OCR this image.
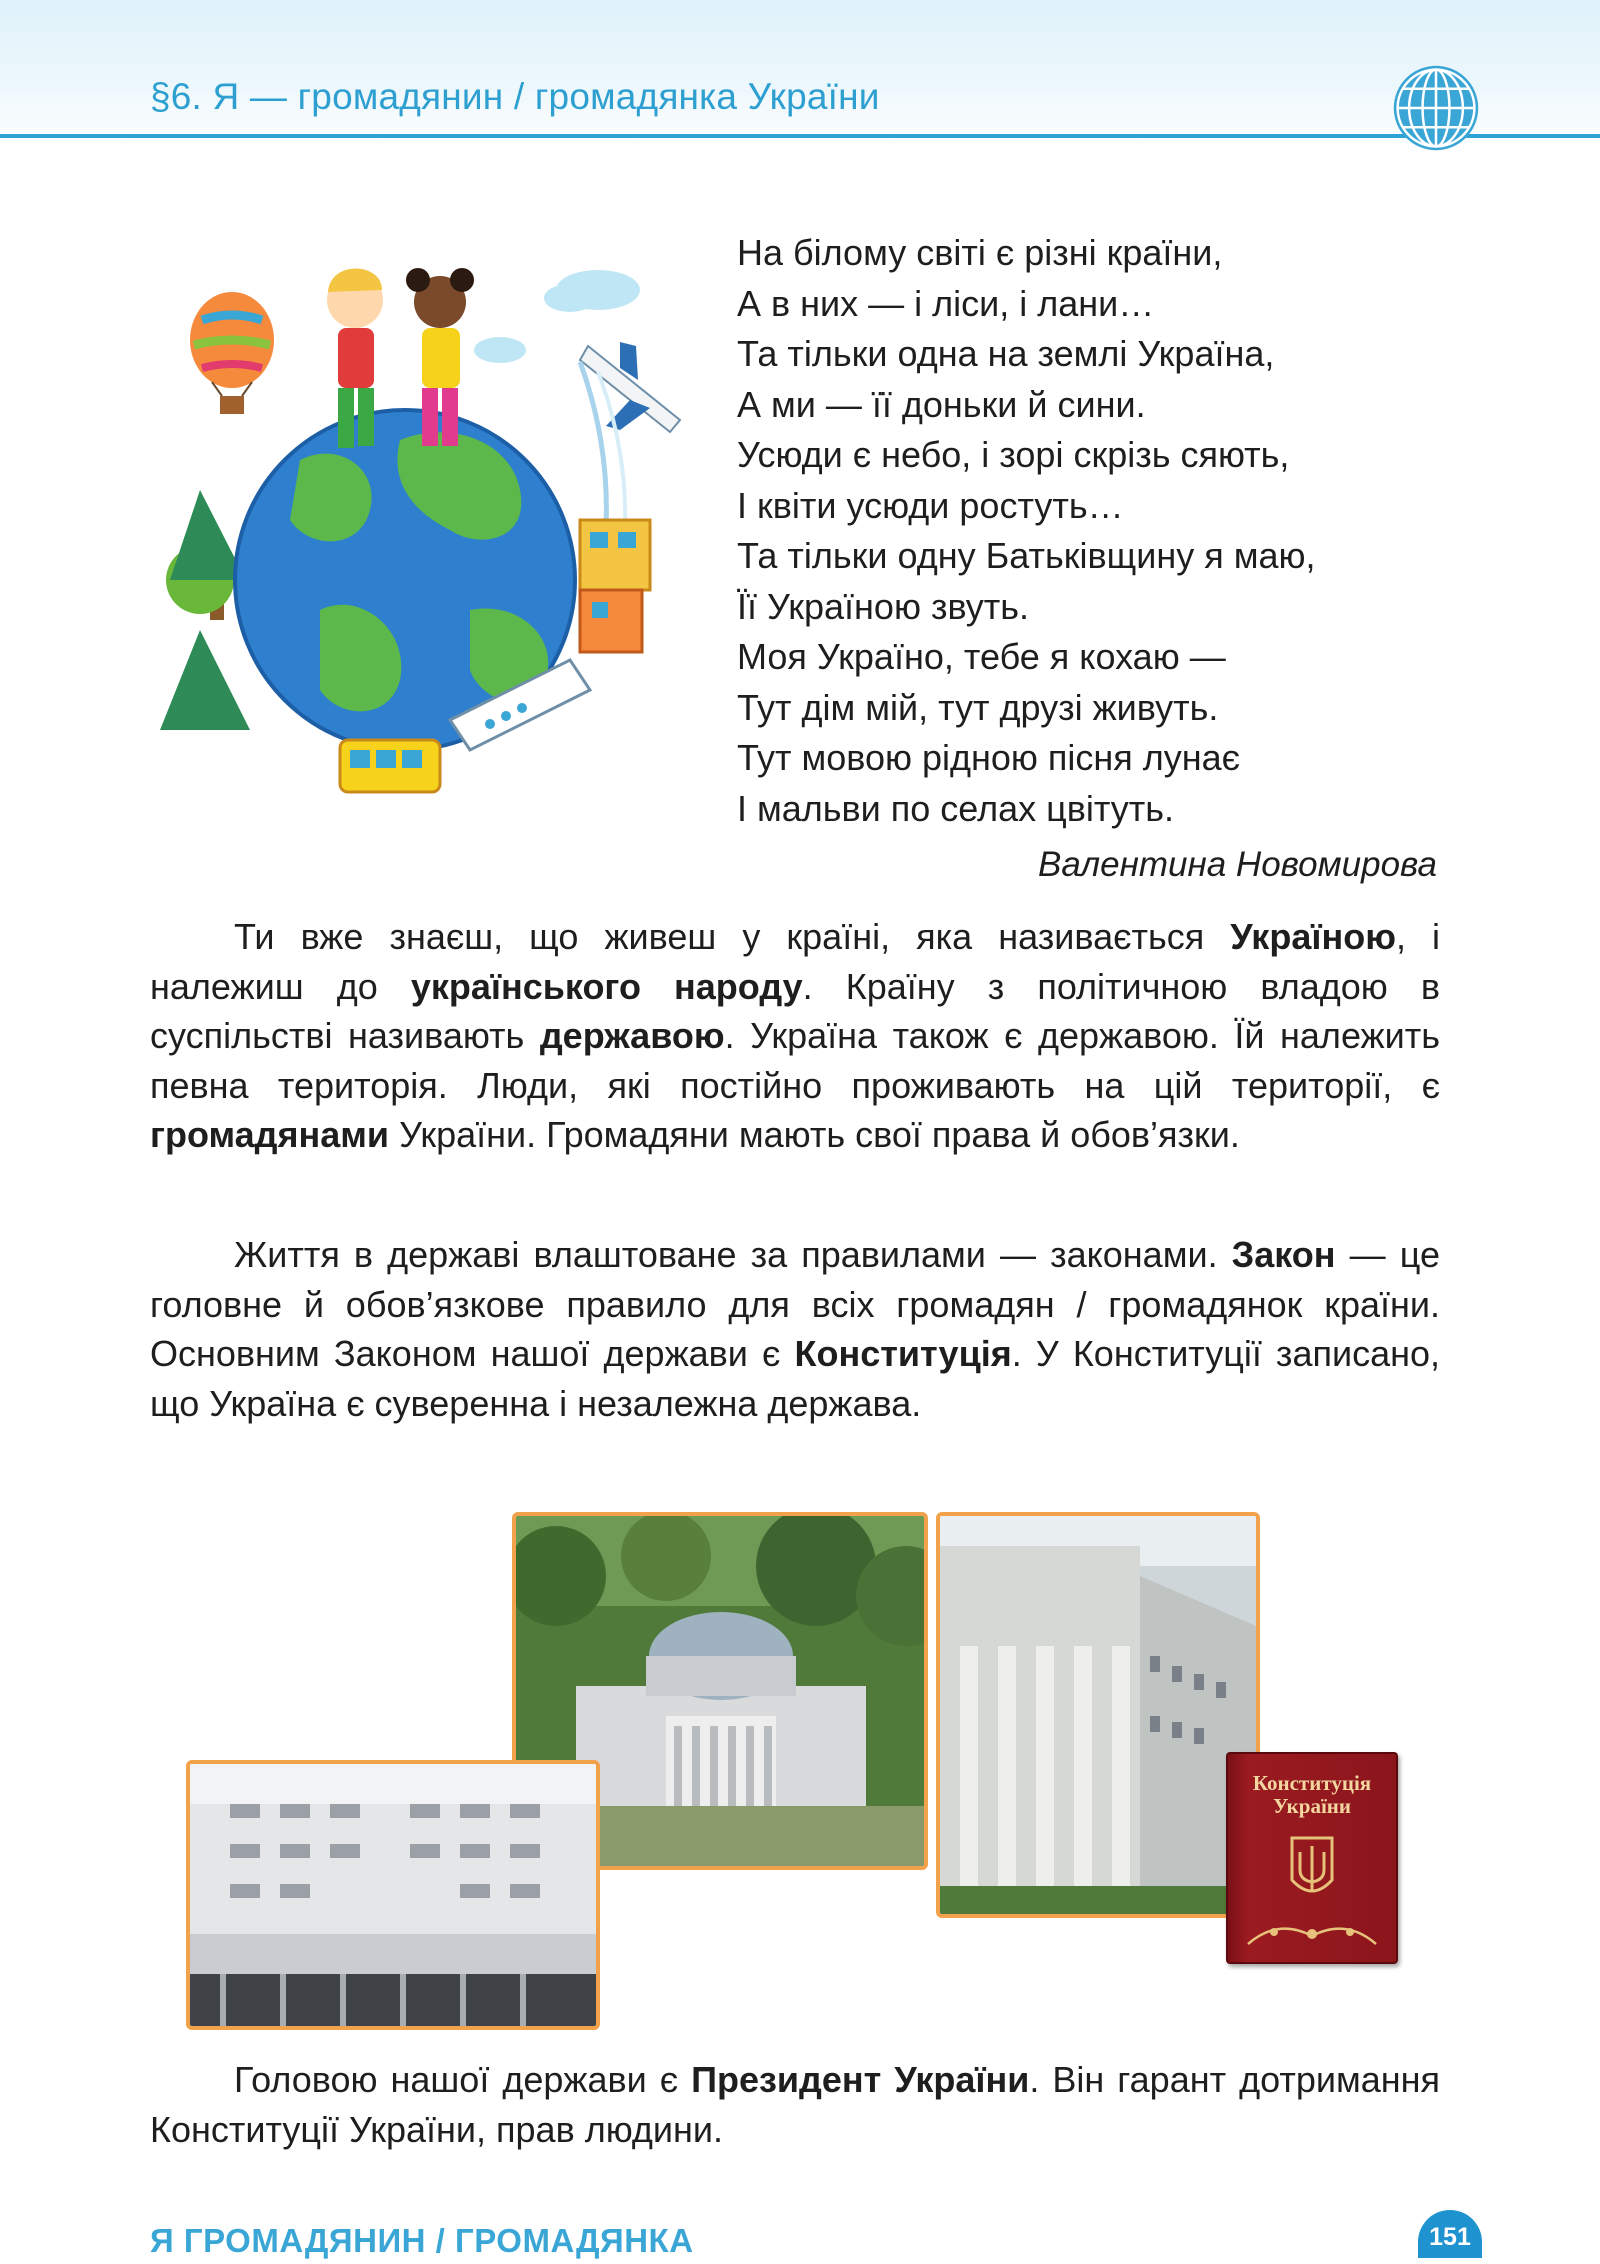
§6. Я — громадянин / громадянка України
На білому світі є різні країни,
А в них — і ліси, і лани…
Та тільки одна на землі Україна,
А ми — її доньки й сини.
Усюди є небо, і зорі скрізь сяють,
І квіти усюди ростуть…
Та тільки одну Батьківщину я маю,
Її Україною звуть.
Моя Україно, тебе я кохаю —
Тут дім мій, тут друзі живуть.
Тут мовою рідною пісня лунає
І мальви по селах цвітуть.
Валентина Новомирова
Ти вже знаєш, що живеш у країні, яка називається Україною, і належиш до українського народу. Країну з політичною владою в суспільстві називають державою. Україна також є державою. Їй належить певна територія. Люди, які постійно проживають на цій території, є громадянами України. Громадяни мають свої права й обов’язки.
Життя в державі влаштоване за правилами — законами. Закон — це головне й обов’язкове правило для всіх громадян / громадянок країни. Основним Законом нашої держави є Конституція. У Конституції записано, що Україна є суверенна і незалежна держава.
Конституція
України
Головою нашої держави є Президент України. Він гарант дотримання Конституції України, прав людини.
Я ГРОМАДЯНИН / ГРОМАДЯНКА	151
